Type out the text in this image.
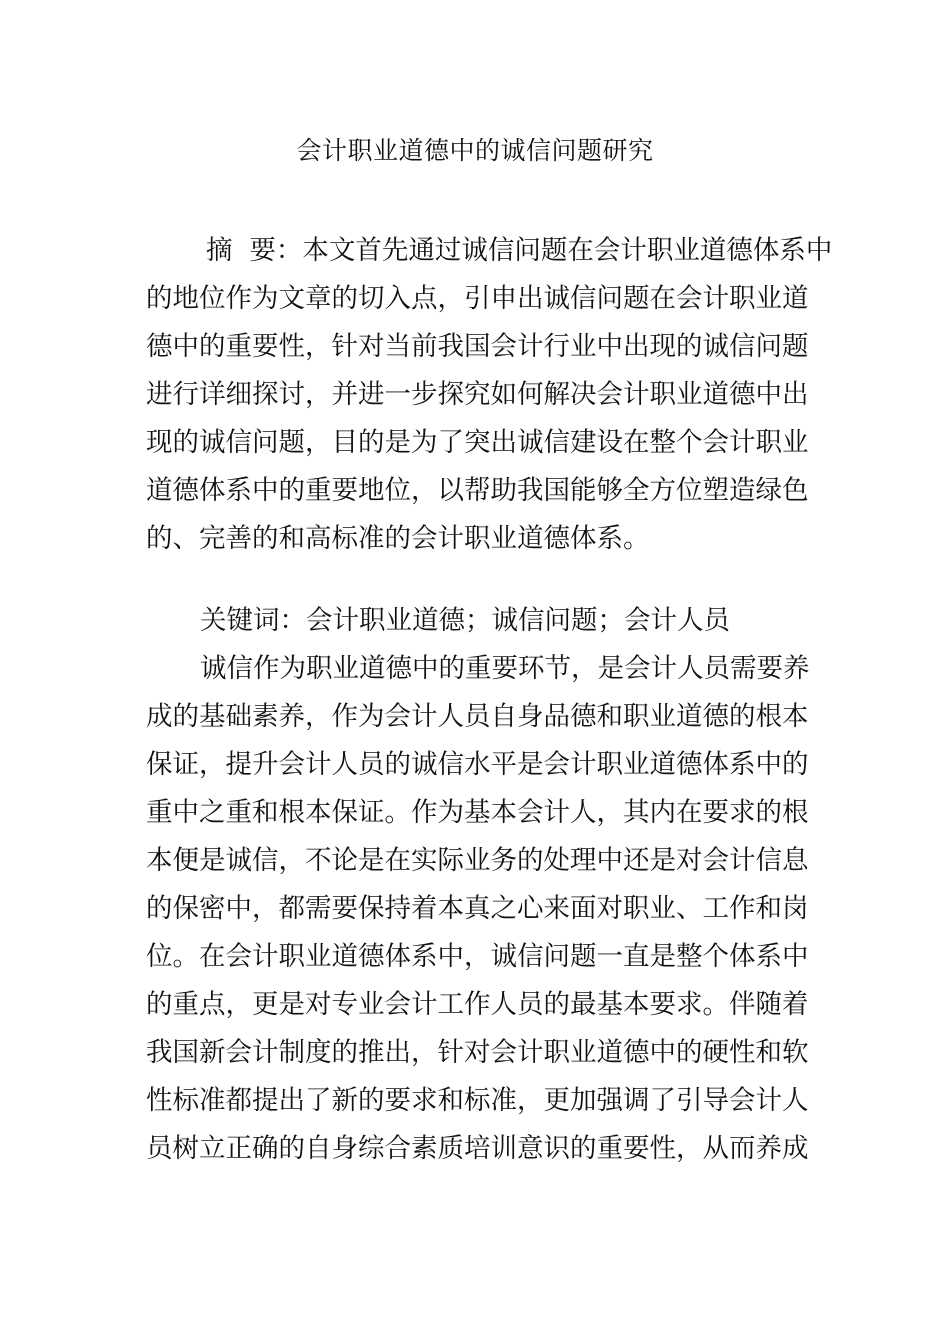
会计职业道德中的诚信问题研究
摘  要：本文首先通过诚信问题在会计职业道德体系中
的地位作为文章的切入点，引申出诚信问题在会计职业道
德中的重要性，针对当前我国会计行业中出现的诚信问题
进行详细探讨，并进一步探究如何解决会计职业道德中出
现的诚信问题，目的是为了突出诚信建设在整个会计职业
道德体系中的重要地位，以帮助我国能够全方位塑造绿色
的、完善的和高标准的会计职业道德体系。
关键词：会计职业道德；诚信问题；会计人员
诚信作为职业道德中的重要环节，是会计人员需要养
成的基础素养，作为会计人员自身品德和职业道德的根本
保证，提升会计人员的诚信水平是会计职业道德体系中的
重中之重和根本保证。作为基本会计人，其内在要求的根
本便是诚信，不论是在实际业务的处理中还是对会计信息
的保密中，都需要保持着本真之心来面对职业、工作和岗
位。在会计职业道德体系中，诚信问题一直是整个体系中
的重点，更是对专业会计工作人员的最基本要求。伴随着
我国新会计制度的推出，针对会计职业道德中的硬性和软
性标准都提出了新的要求和标准，更加强调了引导会计人
员树立正确的自身综合素质培训意识的重要性，从而养成
